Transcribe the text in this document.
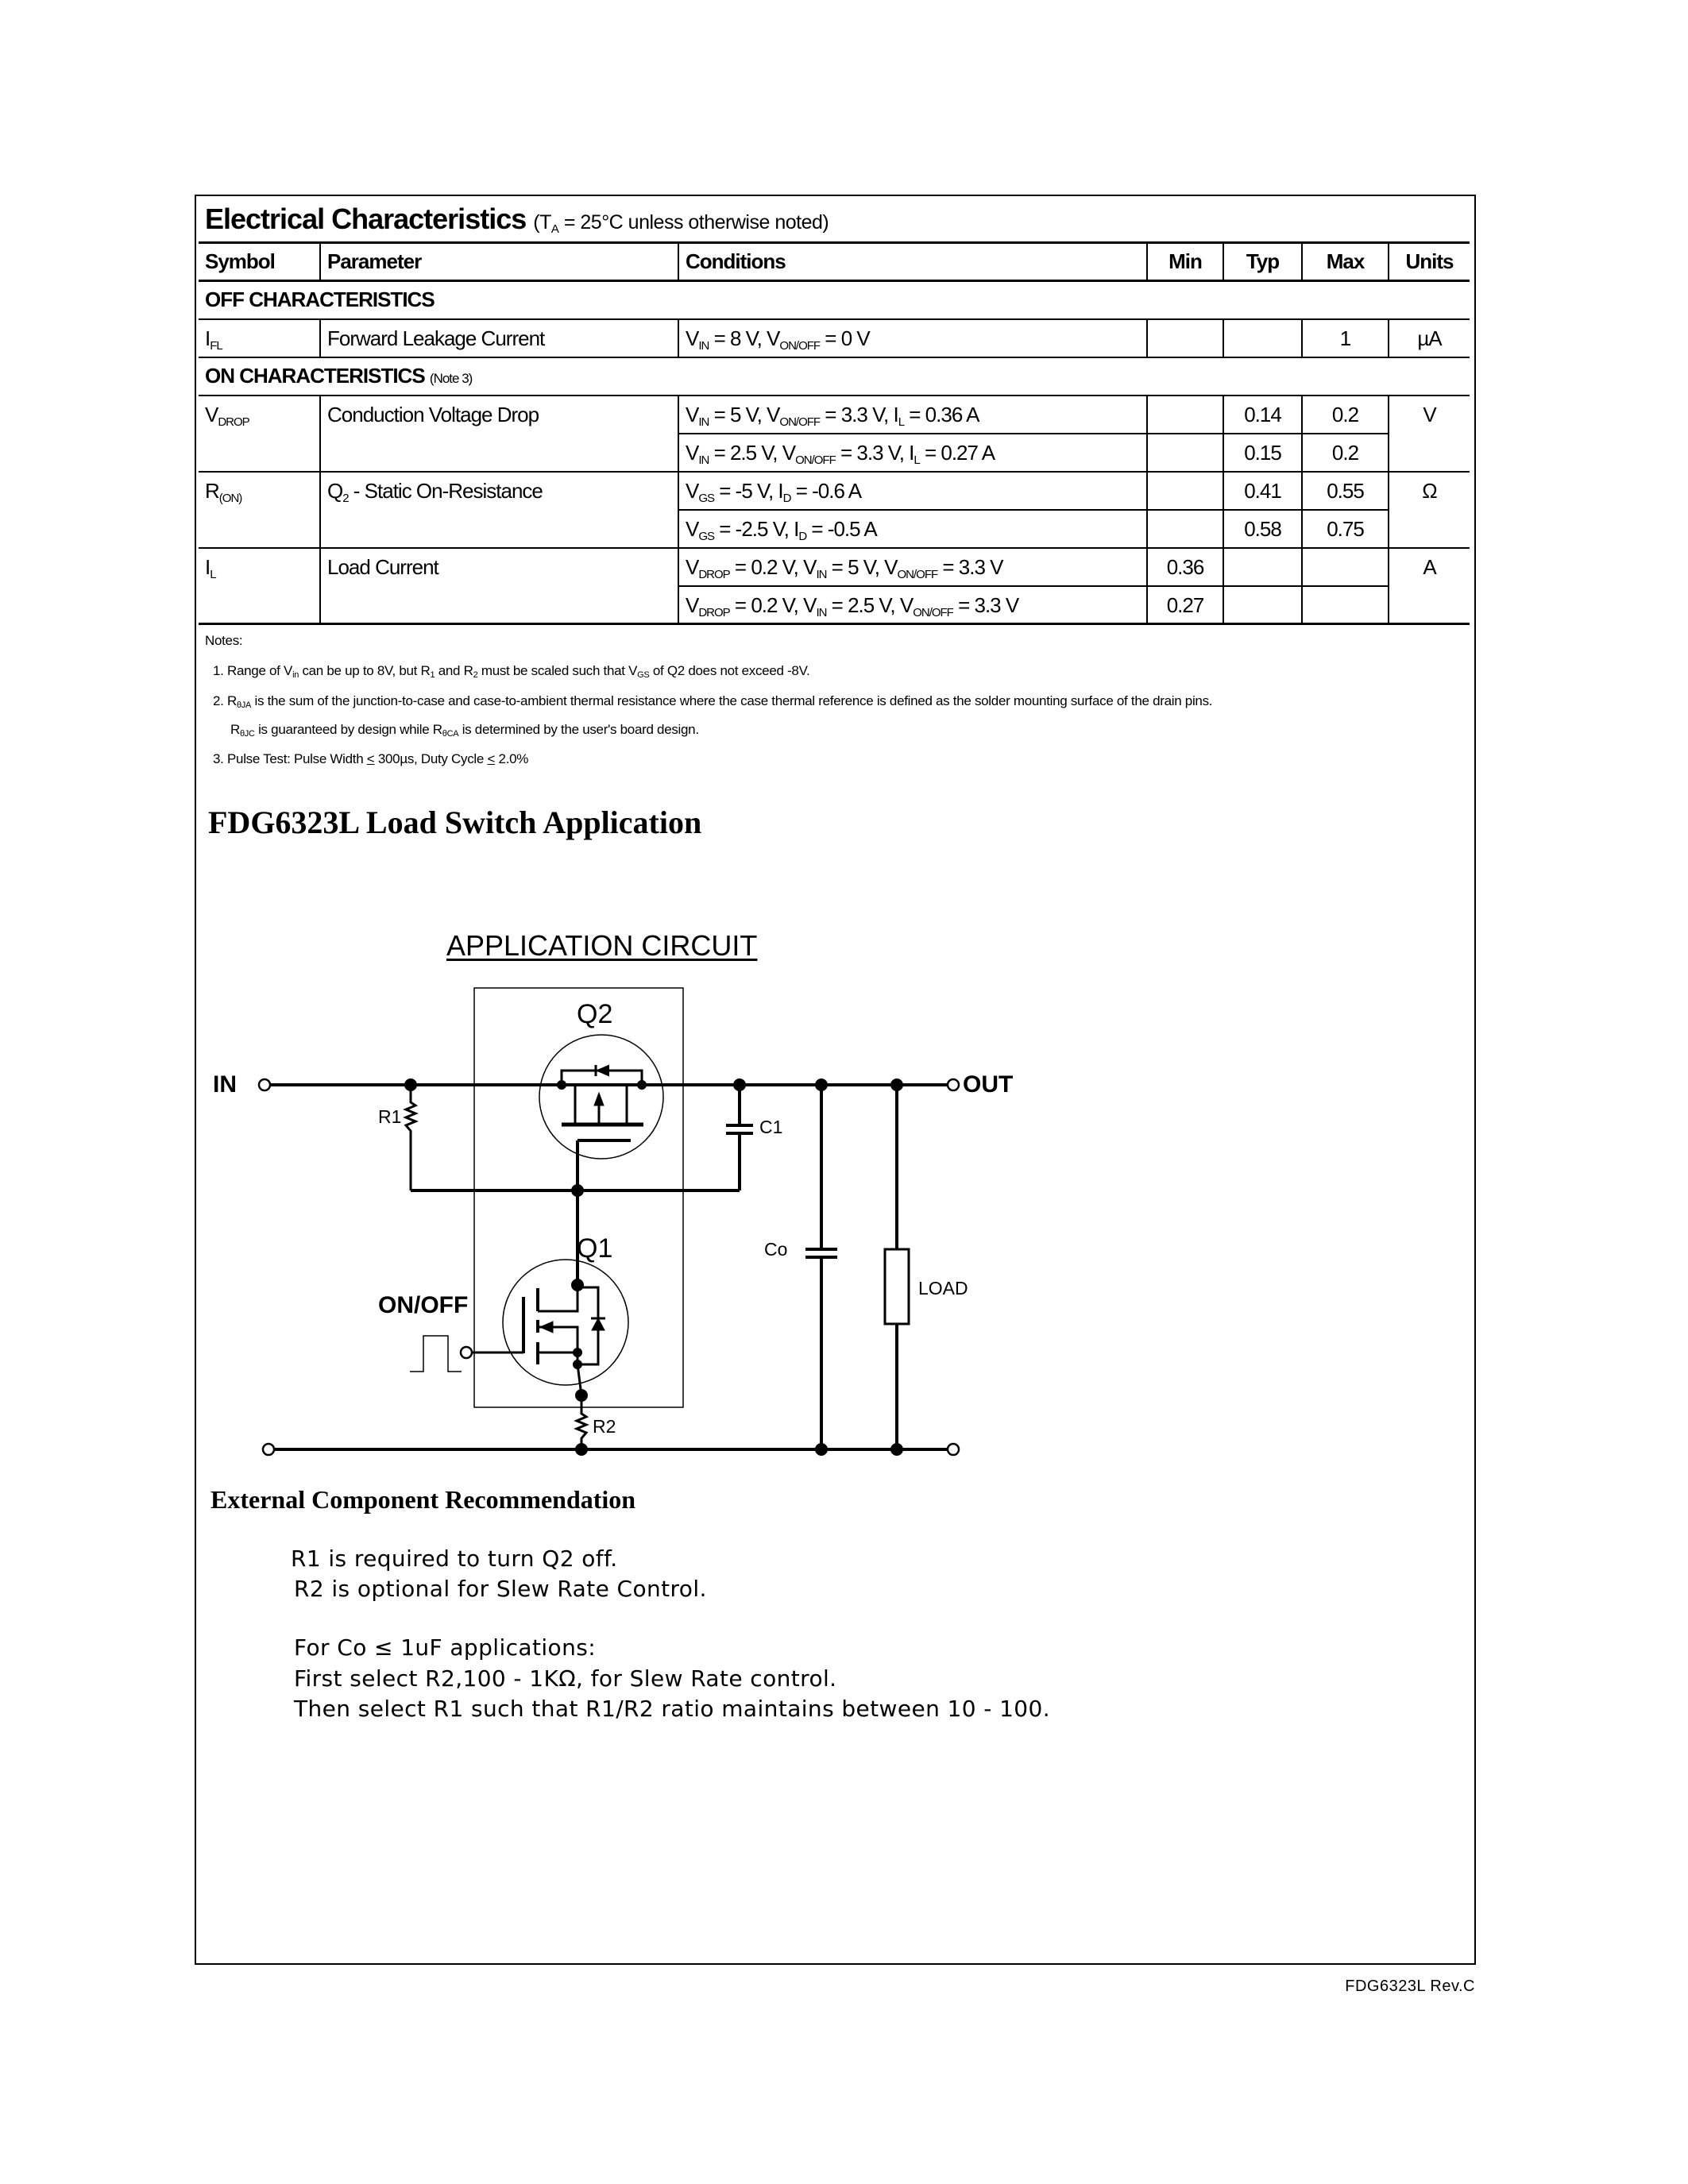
Electrical Characteristics ($T_A = 25^\circ C$ unless otherwise noted)
Symbol	Parameter	Conditions	Min	Typ	Max	Units
OFF CHARACTERISTICS						
$I_{FL}$	Forward Leakage Current	$V_{IN} = 8$ V, $V_{ON/OFF} = 0$ V			1	µA
ON CHARACTERISTICS (Note 3)						
$V_{DROP}$	Conduction Voltage Drop	$V_{IN} = 5$ V, $V_{ON/OFF} = 3.3$ V, $I_L = 0.36$ A		0.14	0.2	V
		$V_{IN} = 2.5$ V, $V_{ON/OFF} = 3.3$ V, $I_L = 0.27$ A		0.15	0.2	
$R_{(ON)}$	$Q_2$ - Static On-Resistance	$V_{GS} = -5$ V, $I_D = -0.6$ A		0.41	0.55	Ω
		$V_{GS} = -2.5$ V, $I_D = -0.5$ A		0.58	0.75	
$I_L$	Load Current	$V_{DROP} = 0.2$ V, $V_{IN} = 5$ V, $V_{ON/OFF} = 3.3$ V	0.36			A
		$V_{DROP} = 0.2$ V, $V_{IN} = 2.5$ V, $V_{ON/OFF} = 3.3$ V	0.27			
Notes:
1. Range of $V_{in}$ can be up to 8V, but $R_1$ and $R_2$ must be scaled such that $V_{GS}$ of Q2 does not exceed -8V.
2. $R_{\theta JA}$ is the sum of the junction-to-case and case-to-ambient thermal resistance where the case thermal reference is defined as the solder mounting surface of the drain pins.
$R_{\theta JC}$ is guaranteed by design while $R_{\theta CA}$ is determined by the user's board design.
3. Pulse Test: Pulse Width < 300µs, Duty Cycle < 2.0%
FDG6323L Load Switch Application
APPLICATION CIRCUIT
IN	OUT
ON/OFF
Q2
Q1
R1
R2
C1
Co
LOAD
External Component Recommendation
R1 is required to turn Q2 off.
R2 is optional for Slew Rate Control.
For Co ≤ 1uF applications:
First select R2,100 - 1KΩ, for Slew Rate control.
Then select R1 such that R1/R2 ratio maintains between 10 - 100.
FDG6323L Rev.C
